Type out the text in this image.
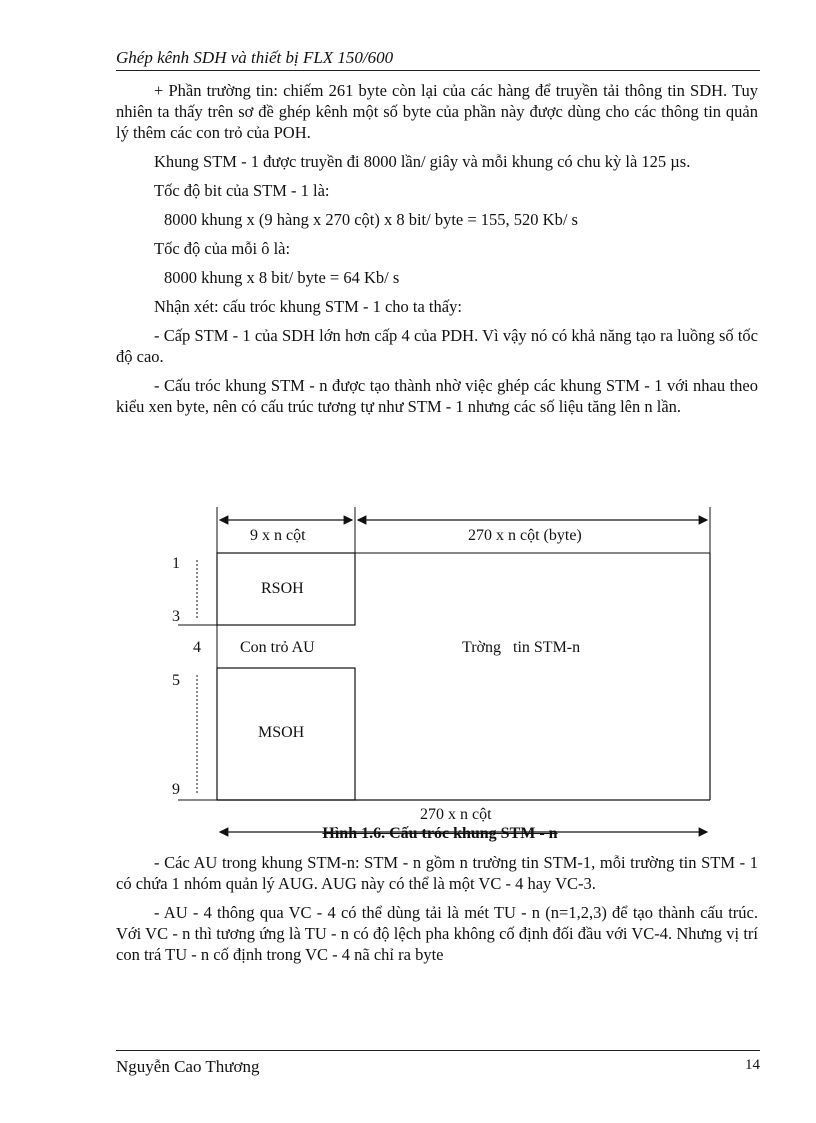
Ghép kênh SDH và thiết bị FLX 150/600

+ Phần trường tin: chiếm 261 byte còn lại của các hàng để truyền tải thông tin SDH. Tuy nhiên ta thấy trên sơ đề ghép kênh một số byte của phần này được dùng cho các thông tin quản lý thêm các con trỏ của POH.

Khung STM - 1 được truyền đi 8000 lần/ giây và mỗi khung có chu kỳ là 125 µs.

Tốc độ bit của STM - 1 là:

8000 khung x (9 hàng x 270 cột) x 8 bit/ byte = 155, 520 Kb/ s

Tốc độ của mỗi ô là:

8000 khung x 8 bit/ byte = 64 Kb/ s

Nhận xét: cấu tróc khung STM - 1 cho ta thấy:

- Cấp STM - 1 của SDH lớn hơn cấp 4 của PDH. Vì vậy nó có khả năng tạo ra luồng số tốc độ cao.

- Cấu tróc khung STM - n được tạo thành nhờ việc ghép các khung STM - 1 với nhau theo kiểu xen byte, nên có cấu trúc tương tự như STM - 1 nhưng các số liệu tăng lên n lần.

9 x n cột	270 x n cột (byte)
1
3
4
5
9
RSOH
Con trỏ AU
MSOH
Trờng   tin STM-n
270 x n cột
Hình 1.6. Cấu tróc khung STM - n

- Các AU trong khung STM-n: STM - n gồm n trường tin STM-1, mỗi trường tin STM - 1 có chứa 1 nhóm quản lý AUG. AUG này có thể là một VC - 4 hay VC-3.

- AU - 4 thông qua VC - 4 có thể dùng tải là mét TU - n (n=1,2,3) để tạo thành cấu trúc. Với VC - n thì tương ứng là TU - n có độ lệch pha không cố định đối đầu với VC-4. Nhưng vị trí con trá TU - n cố định trong VC - 4 nã chỉ ra byte

Nguyễn Cao Thương	14
